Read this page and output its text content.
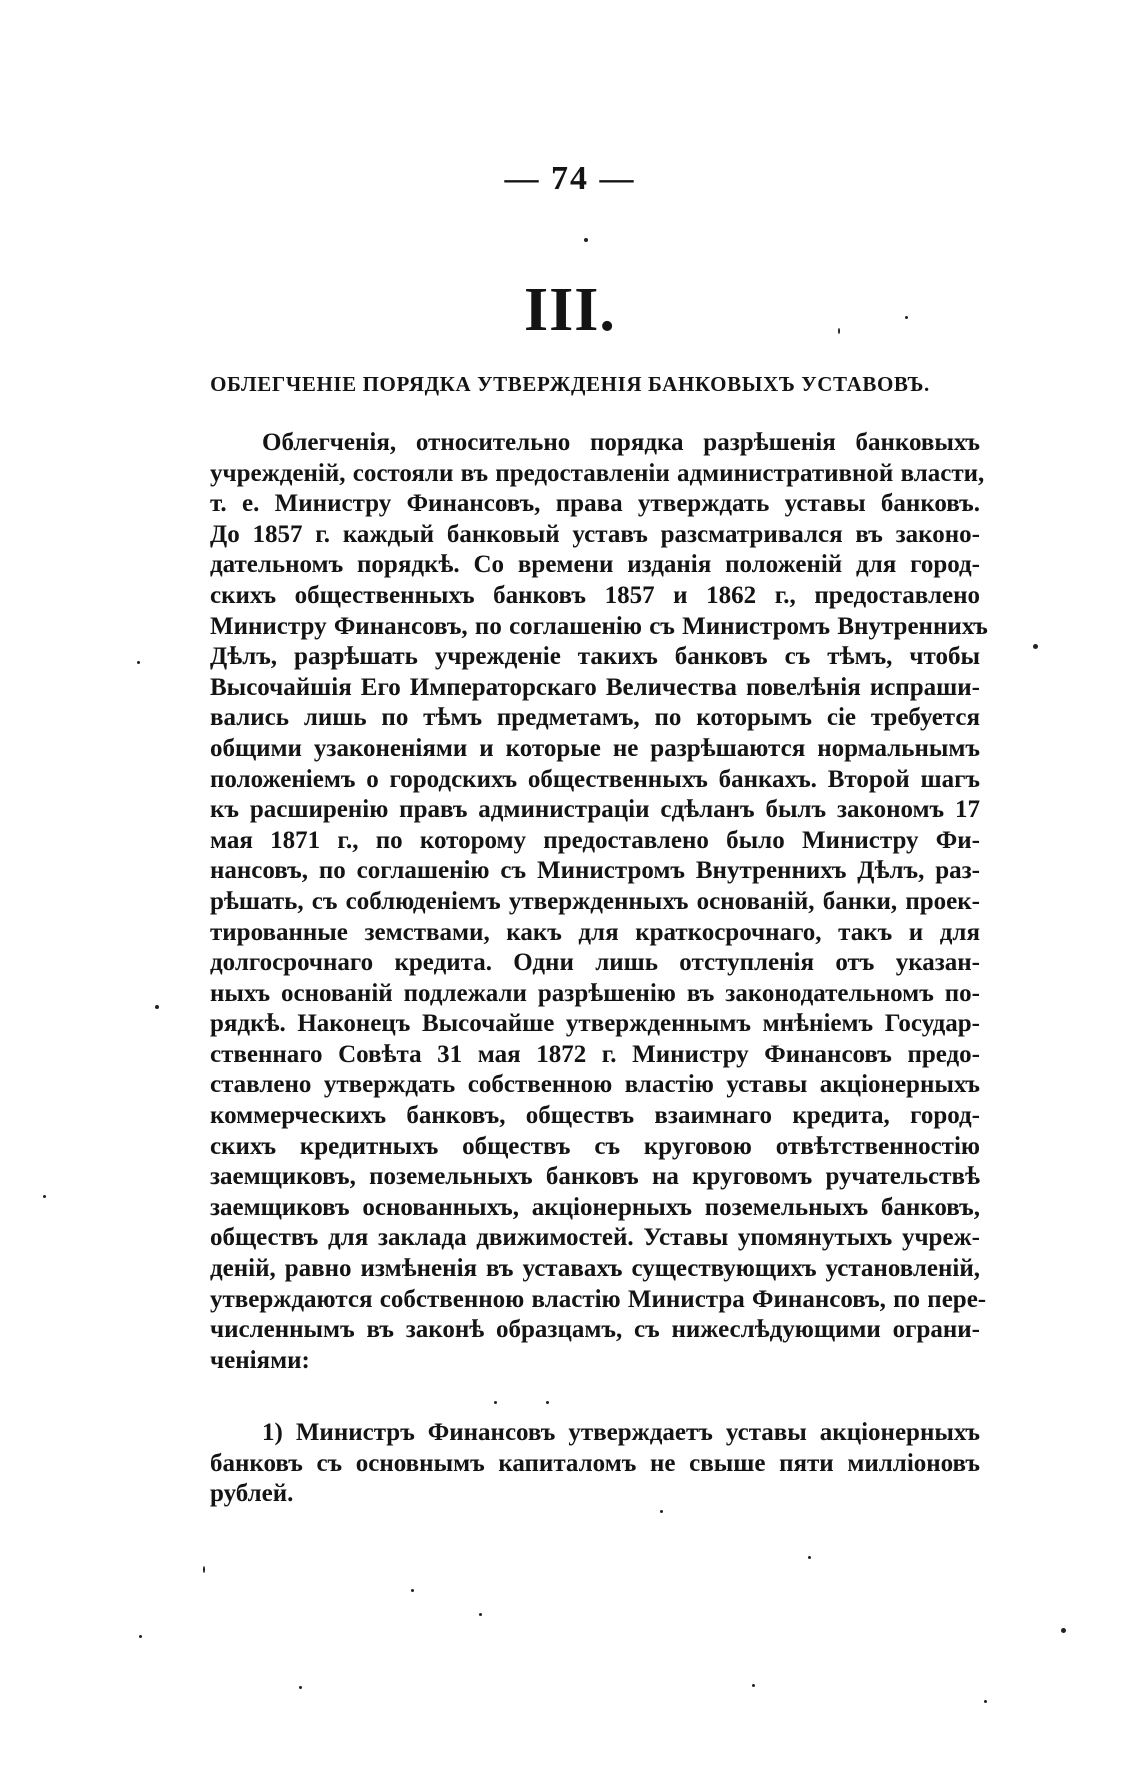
— 74 —
III.
ОБЛЕГЧЕНІЕ ПОРЯДКА УТВЕРЖДЕНІЯ БАНКОВЫХЪ УСТАВОВЪ.
Облегченія, относительно порядка разрѣшенія банковыхъ
учрежденій, состояли въ предоставленіи административной власти,
т. е. Министру Финансовъ, права утверждать уставы банковъ.
До 1857 г. каждый банковый уставъ разсматривался въ законо-
дательномъ порядкѣ. Со времени изданія положеній для город-
скихъ общественныхъ банковъ 1857 и 1862 г., предоставлено
Министру Финансовъ, по соглашенію съ Министромъ Внутреннихъ
Дѣлъ, разрѣшать учрежденіе такихъ банковъ съ тѣмъ, чтобы
Высочайшія Его Императорскаго Величества повелѣнія испраши-
вались лишь по тѣмъ предметамъ, по которымъ сіе требуется
общими узаконеніями и которые не разрѣшаются нормальнымъ
положеніемъ о городскихъ общественныхъ банкахъ. Второй шагъ
къ расширенію правъ администраціи сдѣланъ былъ закономъ 17
мая 1871 г., по которому предоставлено было Министру Фи-
нансовъ, по соглашенію съ Министромъ Внутреннихъ Дѣлъ, раз-
рѣшать, съ соблюденіемъ утвержденныхъ основаній, банки, проек-
тированные земствами, какъ для краткосрочнаго, такъ и для
долгосрочнаго кредита. Одни лишь отступленія отъ указан-
ныхъ основаній подлежали разрѣшенію въ законодательномъ по-
рядкѣ. Наконецъ Высочайше утвержденнымъ мнѣніемъ Государ-
ственнаго Совѣта 31 мая 1872 г. Министру Финансовъ предо-
ставлено утверждать собственною властію уставы акціонерныхъ
коммерческихъ банковъ, обществъ взаимнаго кредита, город-
скихъ кредитныхъ обществъ съ круговою отвѣтственностію
заемщиковъ, поземельныхъ банковъ на круговомъ ручательствѣ
заемщиковъ основанныхъ, акціонерныхъ поземельныхъ банковъ,
обществъ для заклада движимостей. Уставы упомянутыхъ учреж-
деній, равно измѣненія въ уставахъ существующихъ установленій,
утверждаются собственною властію Министра Финансовъ, по пере-
численнымъ въ законѣ образцамъ, съ нижеслѣдующими ограни-
ченіями:
1) Министръ Финансовъ утверждаетъ уставы акціонерныхъ
банковъ съ основнымъ капиталомъ не свыше пяти милліоновъ
рублей.
